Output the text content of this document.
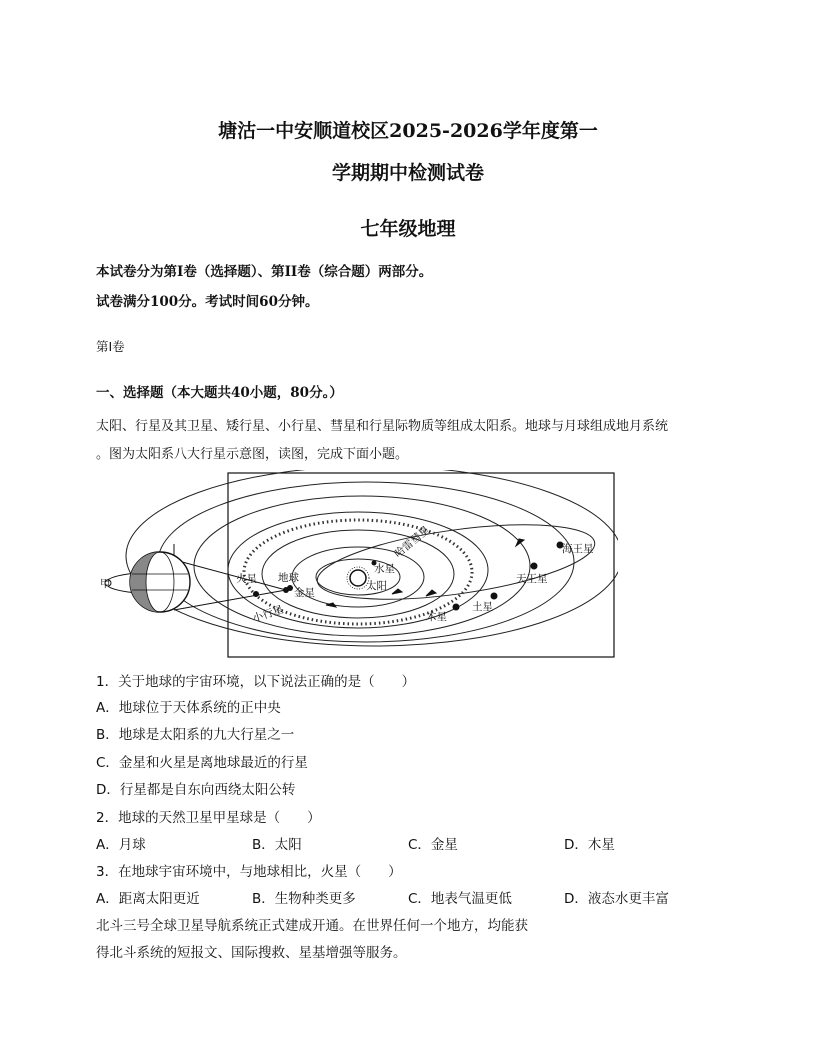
塘沽一中安顺道校区2025-2026学年度第一
学期期中检测试卷
七年级地理
本试卷分为第I卷（选择题）、第II卷（综合题）两部分。
试卷满分100分。考试时间60分钟。
第I卷
一、选择题（本大题共40小题，80分。）
太阳、行星及其卫星、矮行星、小行星、彗星和行星际物质等组成太阳系。地球与月球组成地月系统
。图为太阳系八大行星示意图，读图，完成下面小题。
甲	火星 地球
金星
水星
太阳
小行星	木星
土星
天王星
海王星
哈雷彗星
1．关于地球的宇宙环境，以下说法正确的是（　　）
A．地球位于天体系统的正中央
B．地球是太阳系的九大行星之一
C．金星和火星是离地球最近的行星
D．行星都是自东向西绕太阳公转
2．地球的天然卫星甲星球是（　　）
A．月球	B．太阳	C．金星	D．木星
3．在地球宇宙环境中，与地球相比，火星（　　）
A．距离太阳更近	B．生物种类更多	C．地表气温更低	D．液态水更丰富
北斗三号全球卫星导航系统正式建成开通。在世界任何一个地方，均能获
得北斗系统的短报文、国际搜救、星基增强等服务。
